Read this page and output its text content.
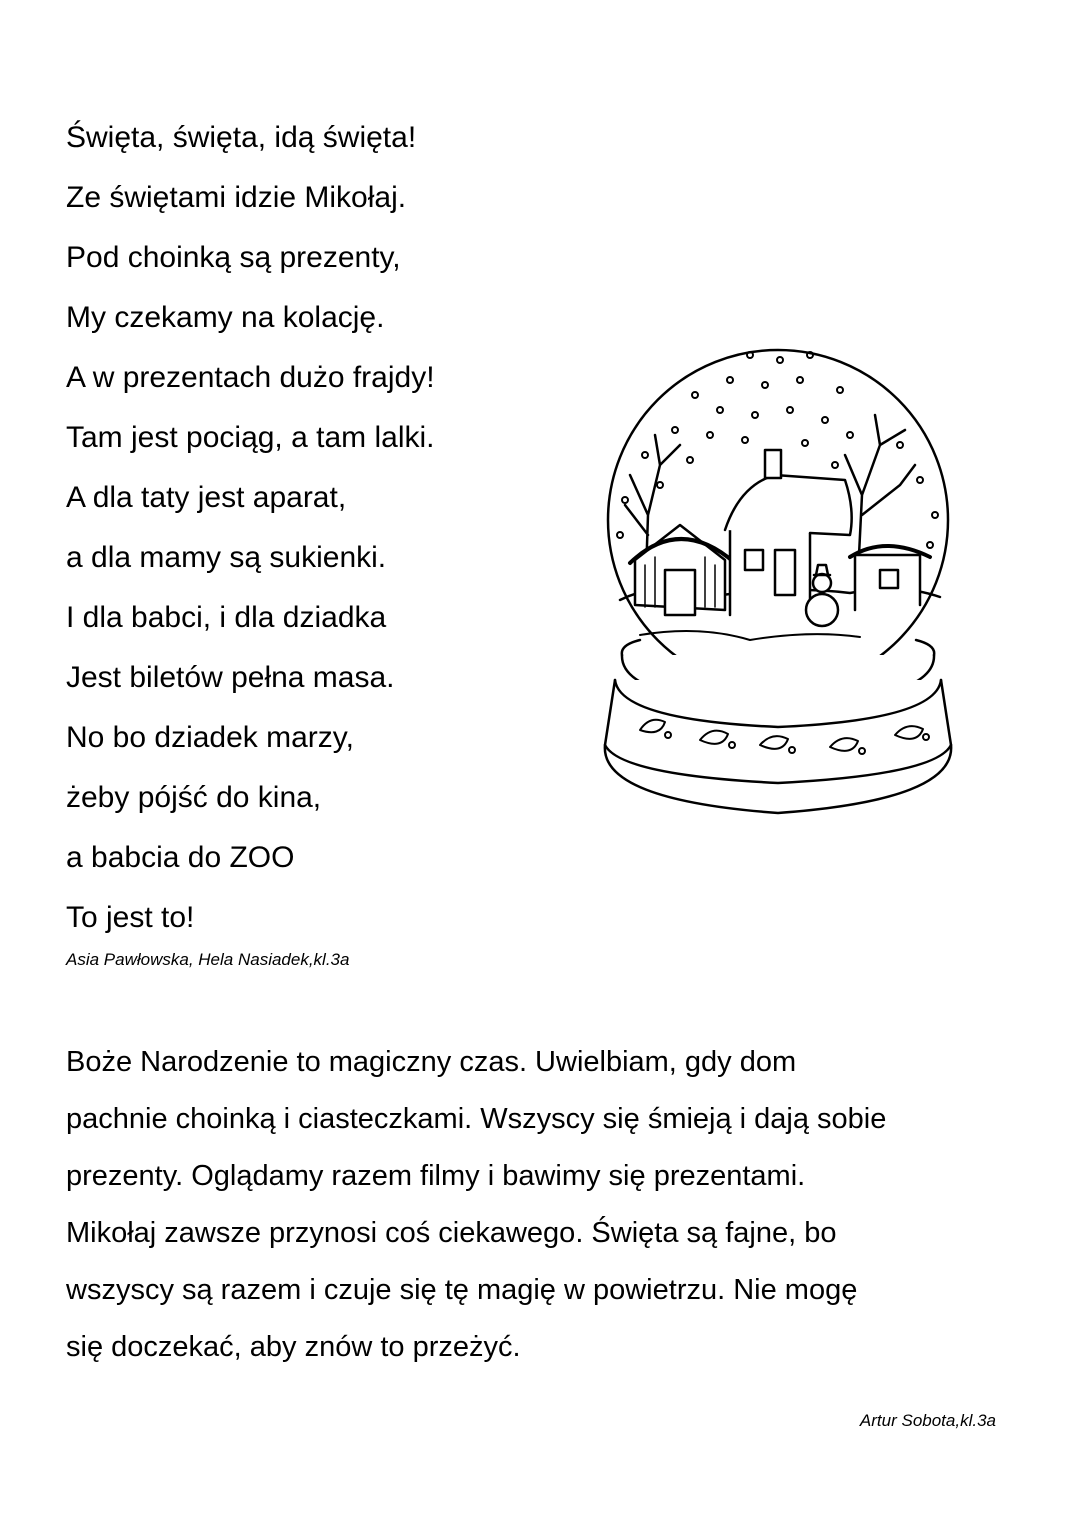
Święta, święta, idą święta!
Ze świętami idzie Mikołaj.
Pod choinką są prezenty,
My czekamy na kolację.
A w prezentach dużo frajdy!
Tam jest pociąg, a tam lalki.
A dla taty jest aparat,
a dla mamy są sukienki.
I dla babci, i dla dziadka
Jest biletów pełna masa.
No bo dziadek marzy,
żeby pójść do kina,
a babcia do ZOO
To jest to!
Asia Pawłowska, Hela Nasiadek,kl.3a
Boże Narodzenie to magiczny czas. Uwielbiam, gdy dom
pachnie choinką i ciasteczkami. Wszyscy się śmieją i dają sobie
prezenty. Oglądamy razem filmy i bawimy się prezentami.
Mikołaj zawsze przynosi coś ciekawego. Święta są fajne, bo
wszyscy są razem i czuje się tę magię w powietrzu. Nie mogę
się doczekać, aby znów to przeżyć.
Artur Sobota,kl.3a
